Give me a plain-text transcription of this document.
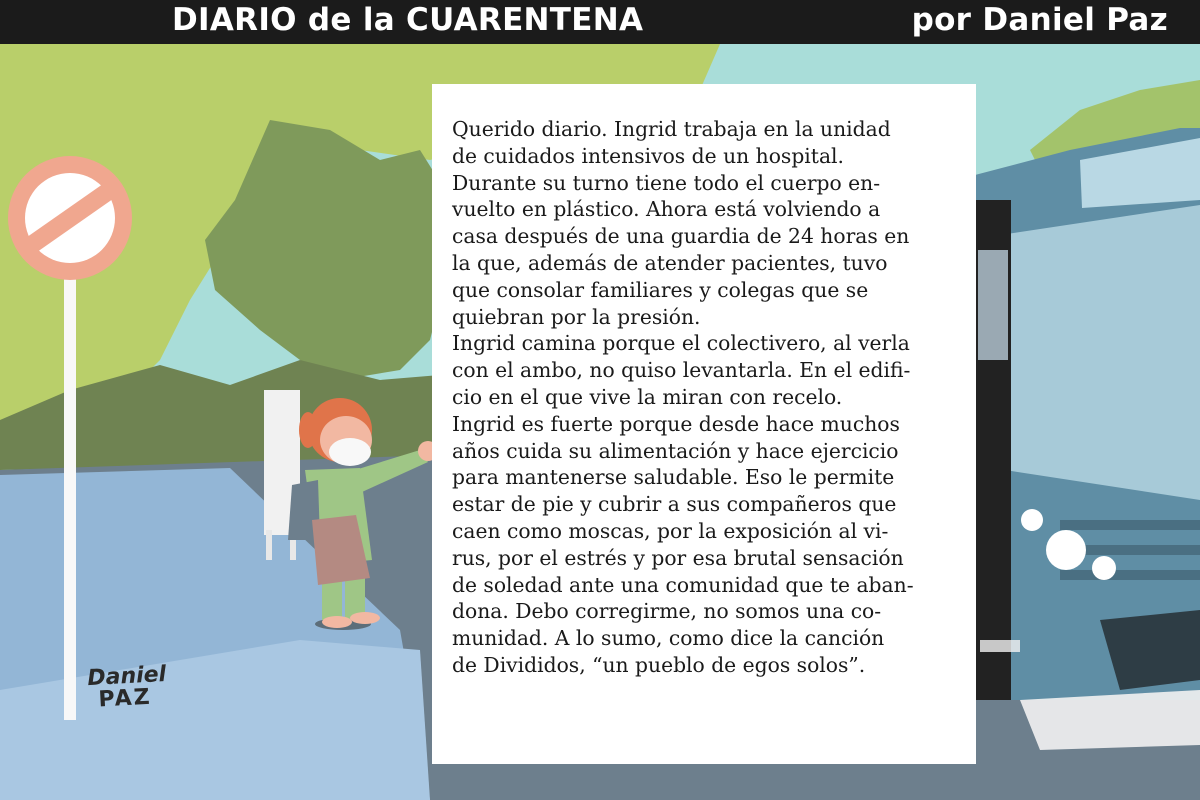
DIARIO de la CUARENTENA	por Daniel Paz

Querido diario. Ingrid trabaja en la unidad
de cuidados intensivos de un hospital.
Durante su turno tiene todo el cuerpo en-
vuelto en plástico. Ahora está volviendo a
casa después de una guardia de 24 horas en
la que, además de atender pacientes, tuvo
que consolar familiares y colegas que se
quiebran por la presión.
Ingrid camina porque el colectivero, al verla
con el ambo, no quiso levantarla. En el edifi-
cio en el que vive la miran con recelo.
Ingrid es fuerte porque desde hace muchos
años cuida su alimentación y hace ejercicio
para mantenerse saludable. Eso le permite
estar de pie y cubrir a sus compañeros que
caen como moscas, por la exposición al vi-
rus, por el estrés y por esa brutal sensación
de soledad ante una comunidad que te aban-
dona. Debo corregirme, no somos una co-
munidad. A lo sumo, como dice la canción
de Divididos, “un pueblo de egos solos”.

Daniel
PAZ
